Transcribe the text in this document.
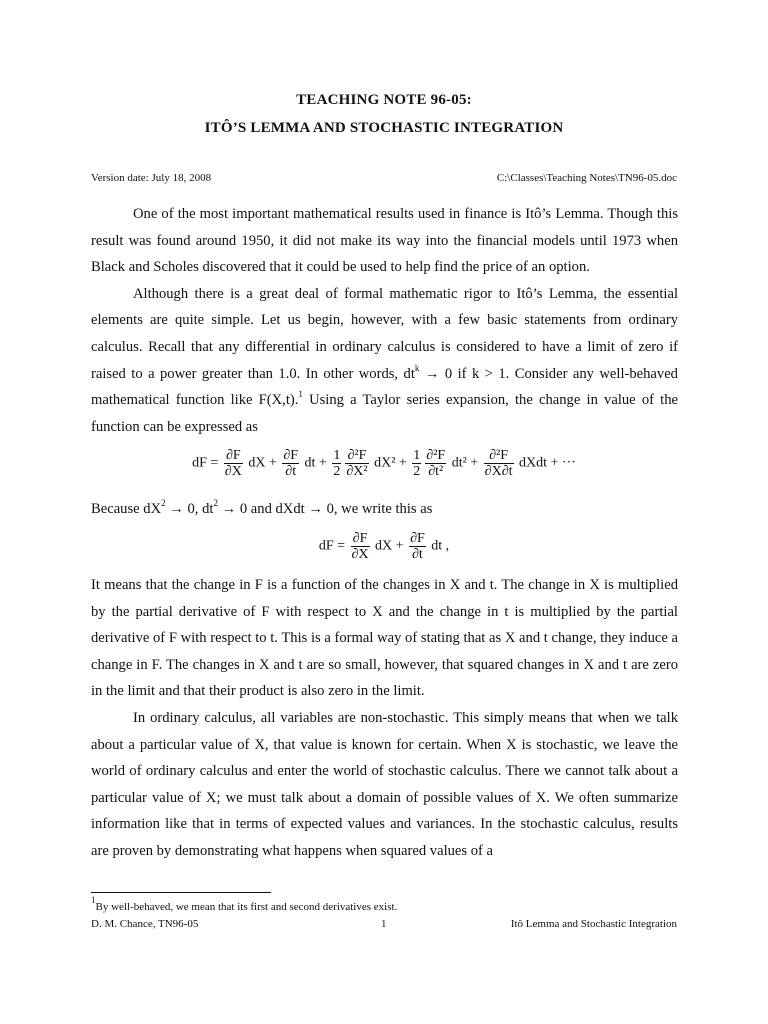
TEACHING NOTE 96-05:
ITÔ’S LEMMA AND STOCHASTIC INTEGRATION
Version date: July 18, 2008	C:\Classes\Teaching Notes\TN96-05.doc

One of the most important mathematical results used in finance is Itô’s Lemma. Though this result was found around 1950, it did not make its way into the financial models until 1973 when Black and Scholes discovered that it could be used to help find the price of an option.

Although there is a great deal of formal mathematic rigor to Itô’s Lemma, the essential elements are quite simple. Let us begin, however, with a few basic statements from ordinary calculus. Recall that any differential in ordinary calculus is considered to have a limit of zero if raised to a power greater than 1.0. In other words, $dt^k \to 0$ if k > 1. Consider any well-behaved mathematical function like F(X,t).$^1$ Using a Taylor series expansion, the change in value of the function can be expressed as

dF = $\frac{\partial F}{\partial X}$ dX + $\frac{\partial F}{\partial t}$ dt + $\frac{1}{2} \frac{\text{∂²F}}{\text{∂X²}} dX^2 + \frac{1}{2} \frac{\text{∂²F}}{\text{∂t²}} dt^2 + \frac{\text{∂²F}}{\partial X\partial t}$ dXdt + ···
Because $dX^2 \to 0$, $dt^2 \to 0$ and dXdt → 0, we write this as
dF = $\frac{\partial F}{\partial X}$ dX + $\frac{\partial F}{\partial t}$ dt ,

It means that the change in F is a function of the changes in X and t. The change in X is multiplied by the partial derivative of F with respect to X and the change in t is multiplied by the partial derivative of F with respect to t. This is a formal way of stating that as X and t change, they induce a change in F. The changes in X and t are so small, however, that squared changes in X and t are zero in the limit and that their product is also zero in the limit.

In ordinary calculus, all variables are non-stochastic. This simply means that when we talk about a particular value of X, that value is known for certain. When X is stochastic, we leave the world of ordinary calculus and enter the world of stochastic calculus. There we cannot talk about a particular value of X; we must talk about a domain of possible values of X. We often summarize information like that in terms of expected values and variances. In the stochastic calculus, results are proven by demonstrating what happens when squared values of a

$^1$By well-behaved, we mean that its first and second derivatives exist.
D. M. Chance, TN96-05	1	Itô Lemma and Stochastic Integration
